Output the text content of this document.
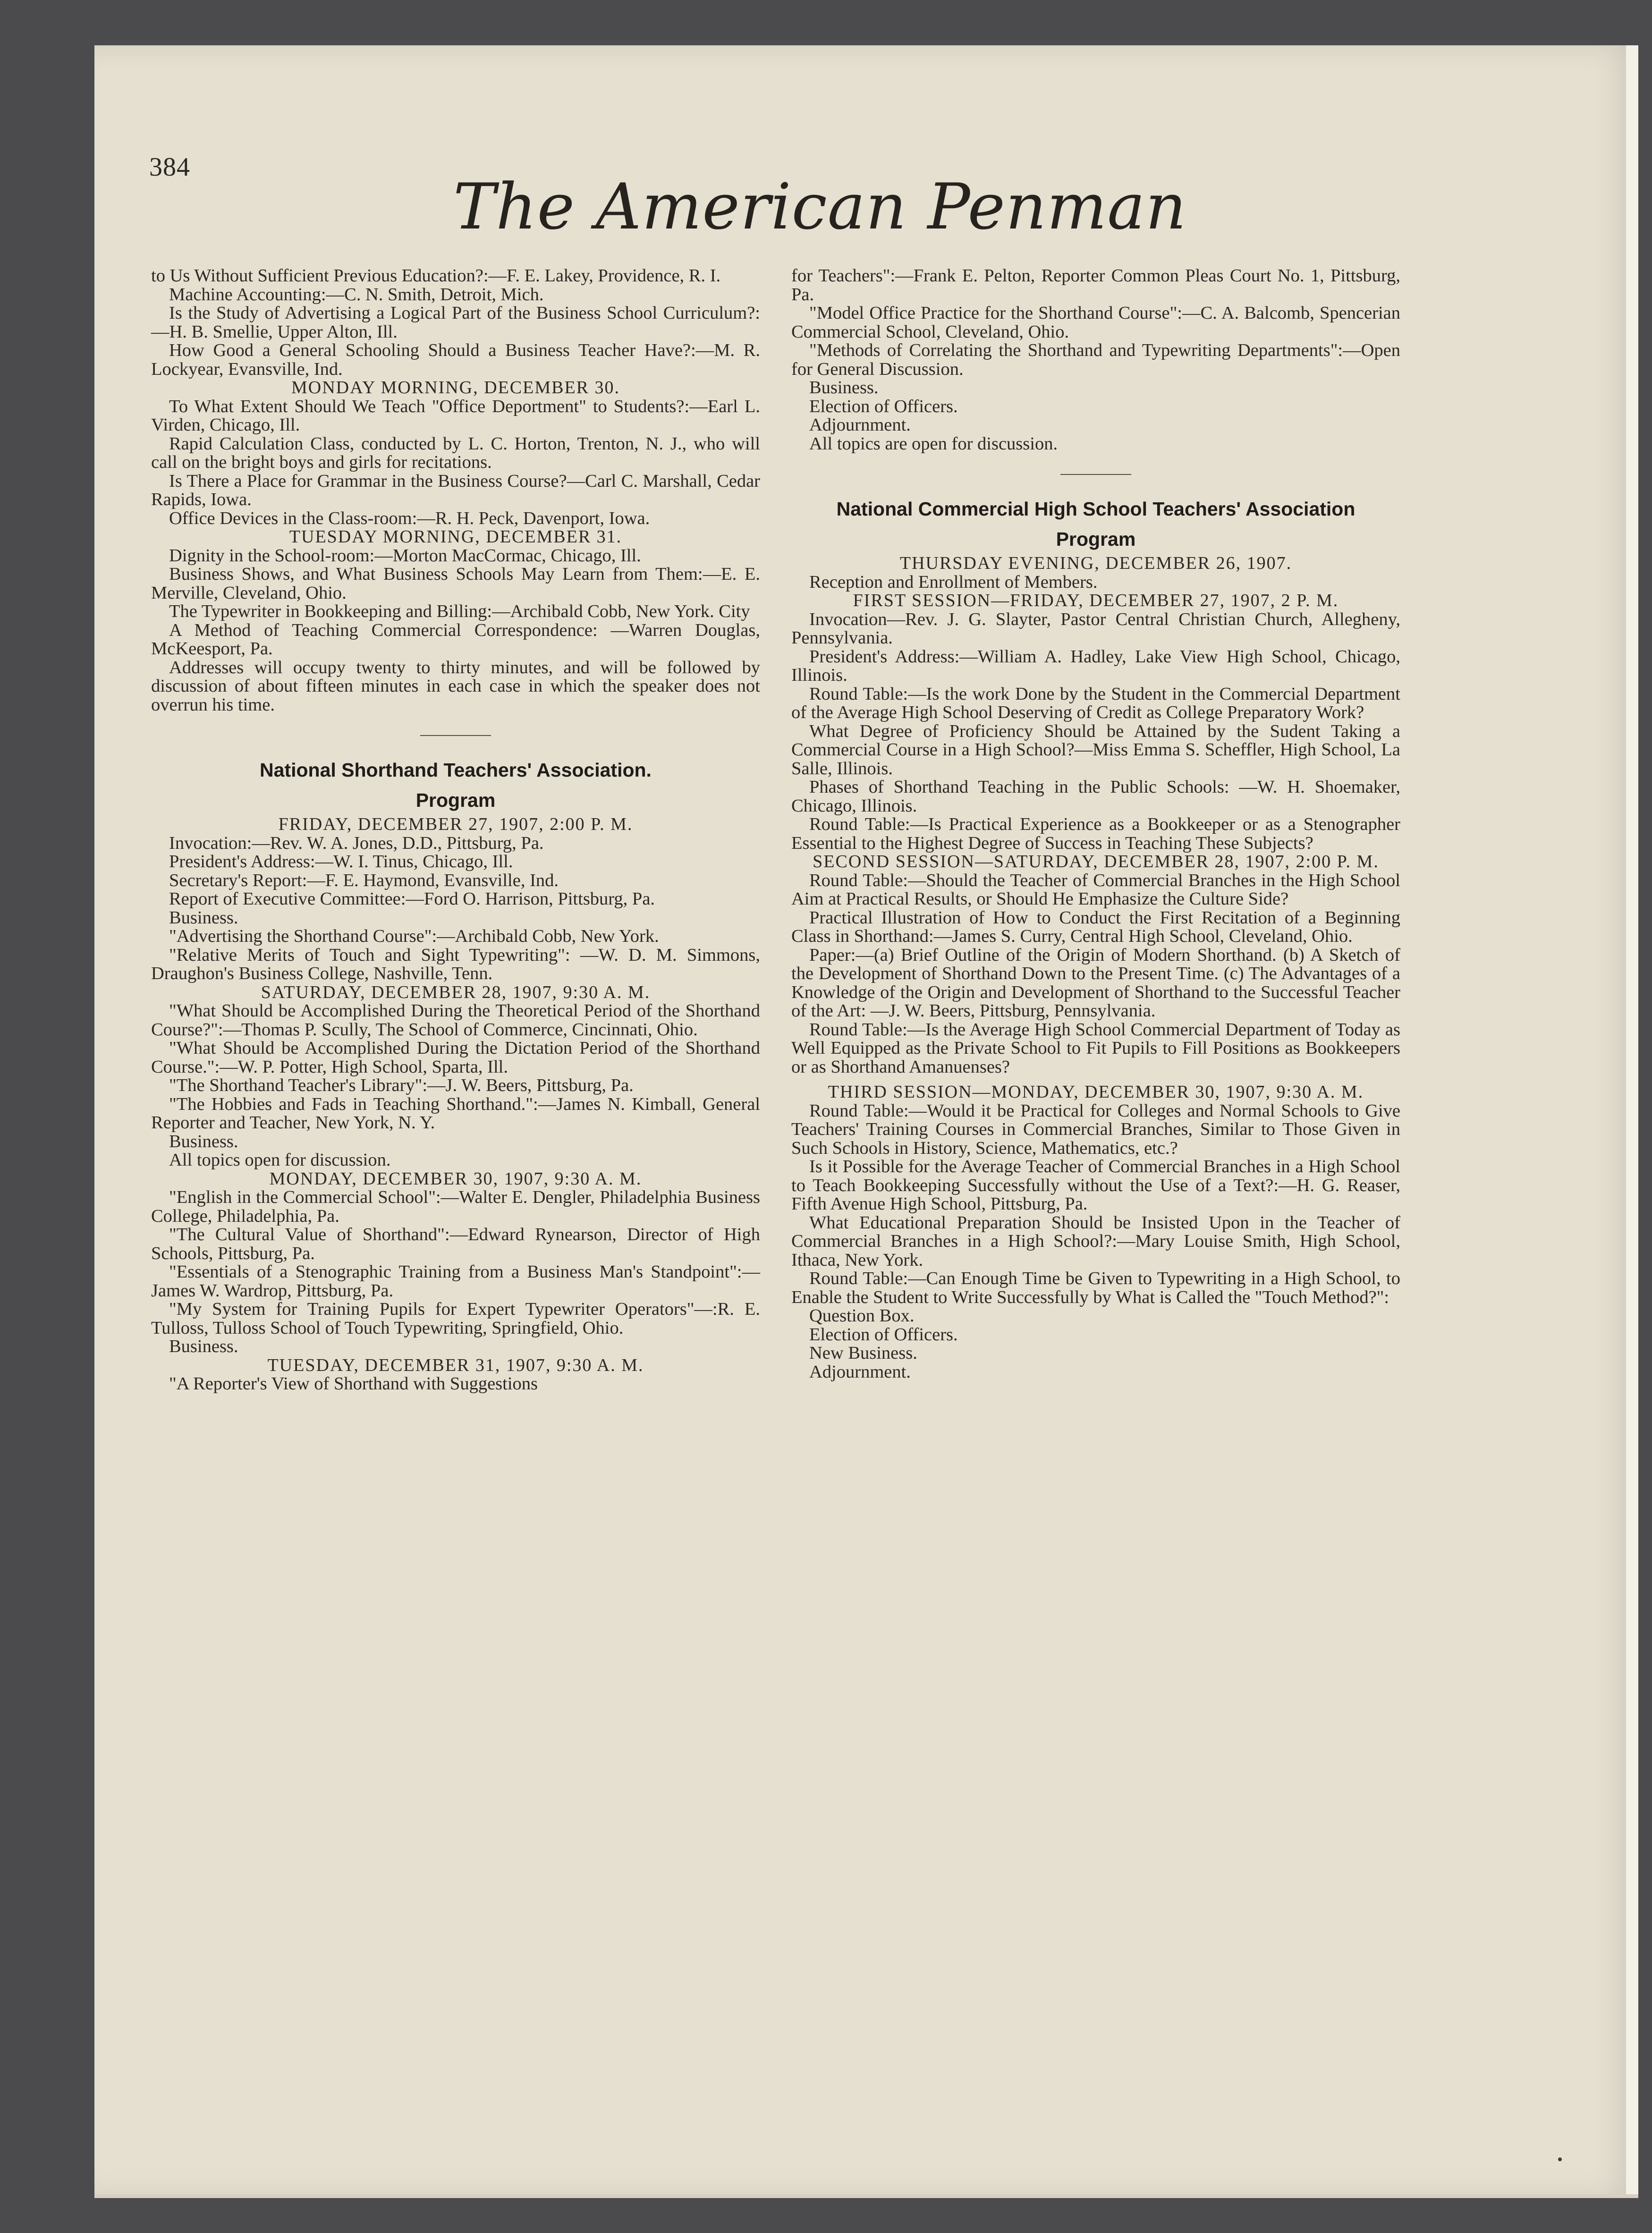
384
The American Penman

to Us Without Sufficient Previous Education?:—F. E. Lakey, Providence, R. I.

Machine Accounting:—C. N. Smith, Detroit, Mich.

Is the Study of Advertising a Logical Part of the Business School Curriculum?:—H. B. Smellie, Upper Alton, Ill.

How Good a General Schooling Should a Business Teacher Have?:—M. R. Lockyear, Evansville, Ind.

MONDAY MORNING, DECEMBER 30.

To What Extent Should We Teach "Office Deportment" to Students?:—Earl L. Virden, Chicago, Ill.

Rapid Calculation Class, conducted by L. C. Horton, Trenton, N. J., who will call on the bright boys and girls for recitations.

Is There a Place for Grammar in the Business Course?—Carl C. Marshall, Cedar Rapids, Iowa.

Office Devices in the Class-room:—R. H. Peck, Davenport, Iowa.

TUESDAY MORNING, DECEMBER 31.

Dignity in the School-room:—Morton MacCormac, Chicago, Ill.

Business Shows, and What Business Schools May Learn from Them:—E. E. Merville, Cleveland, Ohio.

The Typewriter in Bookkeeping and Billing:—Archibald Cobb, New York. City

A Method of Teaching Commercial Correspondence: —Warren Douglas, McKeesport, Pa.

Addresses will occupy twenty to thirty minutes, and will be followed by discussion of about fifteen minutes in each case in which the speaker does not overrun his time.

National Shorthand Teachers' Association.

Program

FRIDAY, DECEMBER 27, 1907, 2:00 P. M.

Invocation:—Rev. W. A. Jones, D.D., Pittsburg, Pa.

President's Address:—W. I. Tinus, Chicago, Ill.

Secretary's Report:—F. E. Haymond, Evansville, Ind.

Report of Executive Committee:—Ford O. Harrison, Pittsburg, Pa.

Business.

"Advertising the Shorthand Course":—Archibald Cobb, New York.

"Relative Merits of Touch and Sight Typewriting": —W. D. M. Simmons, Draughon's Business College, Nashville, Tenn.

SATURDAY, DECEMBER 28, 1907, 9:30 A. M.

"What Should be Accomplished During the Theoretical Period of the Shorthand Course?":—Thomas P. Scully, The School of Commerce, Cincinnati, Ohio.

"What Should be Accomplished During the Dictation Period of the Shorthand Course.":—W. P. Potter, High School, Sparta, Ill.

"The Shorthand Teacher's Library":—J. W. Beers, Pittsburg, Pa.

"The Hobbies and Fads in Teaching Shorthand.":—James N. Kimball, General Reporter and Teacher, New York, N. Y.

Business.

All topics open for discussion.

MONDAY, DECEMBER 30, 1907, 9:30 A. M.

"English in the Commercial School":—Walter E. Dengler, Philadelphia Business College, Philadelphia, Pa.

"The Cultural Value of Shorthand":—Edward Rynearson, Director of High Schools, Pittsburg, Pa.

"Essentials of a Stenographic Training from a Business Man's Standpoint":—James W. Wardrop, Pittsburg, Pa.

"My System for Training Pupils for Expert Typewriter Operators"—:R. E. Tulloss, Tulloss School of Touch Typewriting, Springfield, Ohio.

Business.

TUESDAY, DECEMBER 31, 1907, 9:30 A. M.

"A Reporter's View of Shorthand with Suggestions

for Teachers":—Frank E. Pelton, Reporter Common Pleas Court No. 1, Pittsburg, Pa.

"Model Office Practice for the Shorthand Course":—C. A. Balcomb, Spencerian Commercial School, Cleveland, Ohio.

"Methods of Correlating the Shorthand and Typewriting Departments":—Open for General Discussion.

Business.

Election of Officers.

Adjournment.

All topics are open for discussion.

National Commercial High School Teachers' Association

Program

THURSDAY EVENING, DECEMBER 26, 1907.

Reception and Enrollment of Members.

FIRST SESSION—FRIDAY, DECEMBER 27, 1907, 2 P. M.

Invocation—Rev. J. G. Slayter, Pastor Central Christian Church, Allegheny, Pennsylvania.

President's Address:—William A. Hadley, Lake View High School, Chicago, Illinois.

Round Table:—Is the work Done by the Student in the Commercial Department of the Average High School Deserving of Credit as College Preparatory Work?

What Degree of Proficiency Should be Attained by the Sudent Taking a Commercial Course in a High School?—Miss Emma S. Scheffler, High School, La Salle, Illinois.

Phases of Shorthand Teaching in the Public Schools: —W. H. Shoemaker, Chicago, Illinois.

Round Table:—Is Practical Experience as a Bookkeeper or as a Stenographer Essential to the Highest Degree of Success in Teaching These Subjects?

SECOND SESSION—SATURDAY, DECEMBER 28, 1907, 2:00 P. M.

Round Table:—Should the Teacher of Commercial Branches in the High School Aim at Practical Results, or Should He Emphasize the Culture Side?

Practical Illustration of How to Conduct the First Recitation of a Beginning Class in Shorthand:—James S. Curry, Central High School, Cleveland, Ohio.

Paper:—(a) Brief Outline of the Origin of Modern Shorthand. (b) A Sketch of the Development of Shorthand Down to the Present Time. (c) The Advantages of a Knowledge of the Origin and Development of Shorthand to the Successful Teacher of the Art: —J. W. Beers, Pittsburg, Pennsylvania.

Round Table:—Is the Average High School Commercial Department of Today as Well Equipped as the Private School to Fit Pupils to Fill Positions as Bookkeepers or as Shorthand Amanuenses?

THIRD SESSION—MONDAY, DECEMBER 30, 1907, 9:30 A. M.

Round Table:—Would it be Practical for Colleges and Normal Schools to Give Teachers' Training Courses in Commercial Branches, Similar to Those Given in Such Schools in History, Science, Mathematics, etc.?

Is it Possible for the Average Teacher of Commercial Branches in a High School to Teach Bookkeeping Successfully without the Use of a Text?:—H. G. Reaser, Fifth Avenue High School, Pittsburg, Pa.

What Educational Preparation Should be Insisted Upon in the Teacher of Commercial Branches in a High School?:—Mary Louise Smith, High School, Ithaca, New York.

Round Table:—Can Enough Time be Given to Typewriting in a High School, to Enable the Student to Write Successfully by What is Called the "Touch Method?":

Question Box.

Election of Officers.

New Business.

Adjournment.
